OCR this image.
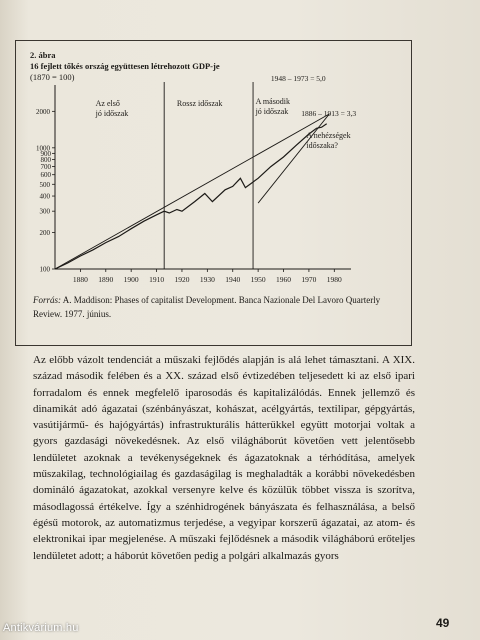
2. ábra
16 fejlett tőkés ország együttesen létrehozott GDP-je
(1870 = 100)
1880 1890 1900 1910 1920 1930 1940 1950 1960 1970 1980
100
200
300
400
500
600
700
800
900
1000
2000
Az első
jó időszak
Rossz időszak	A második
jó időszak
1948 – 1973 = 5,0
1886 – 1913 = 3,3
A nehézségek
időszaka?
Forrás: A. Maddison: Phases of capitalist Development. Banca Nazionale Del Lavoro Quarterly Review. 1977. június.

Az előbb vázolt tendenciát a műszaki fejlődés alapján is alá lehet támasztani. A XIX. század második felében és a XX. század első évtizedében teljesedett ki az első ipari forradalom és ennek megfelelő iparosodás és kapitalizálódás. Ennek jellemző és dinamikát adó ágazatai (szénbányászat, kohászat, acélgyártás, textilipar, gépgyártás, vasútijármű- és hajógyártás) infrastrukturális hátterükkel együtt motorjai voltak a gyors gazdasági növekedésnek. Az első világháborút követően vett jelentősebb lendületet azoknak a tevékenységeknek és ágazatoknak a térhódítása, amelyek műszakilag, technológiailag és gazdaságilag is meghaladták a korábbi növekedésben domináló ágazatokat, azokkal versenyre kelve és közülük többet vissza is szorítva, másodlagossá értékelve. Így a szénhidrogének bányászata és felhasználása, a belső égésű motorok, az automatizmus terjedése, a vegyipar korszerű ágazatai, az atom- és elektronikai ipar megjelenése. A műszaki fejlődésnek a második világháború erőteljes lendületet adott; a háborút követően pedig a polgári alkalmazás gyors

49
Antikvárium.hu
